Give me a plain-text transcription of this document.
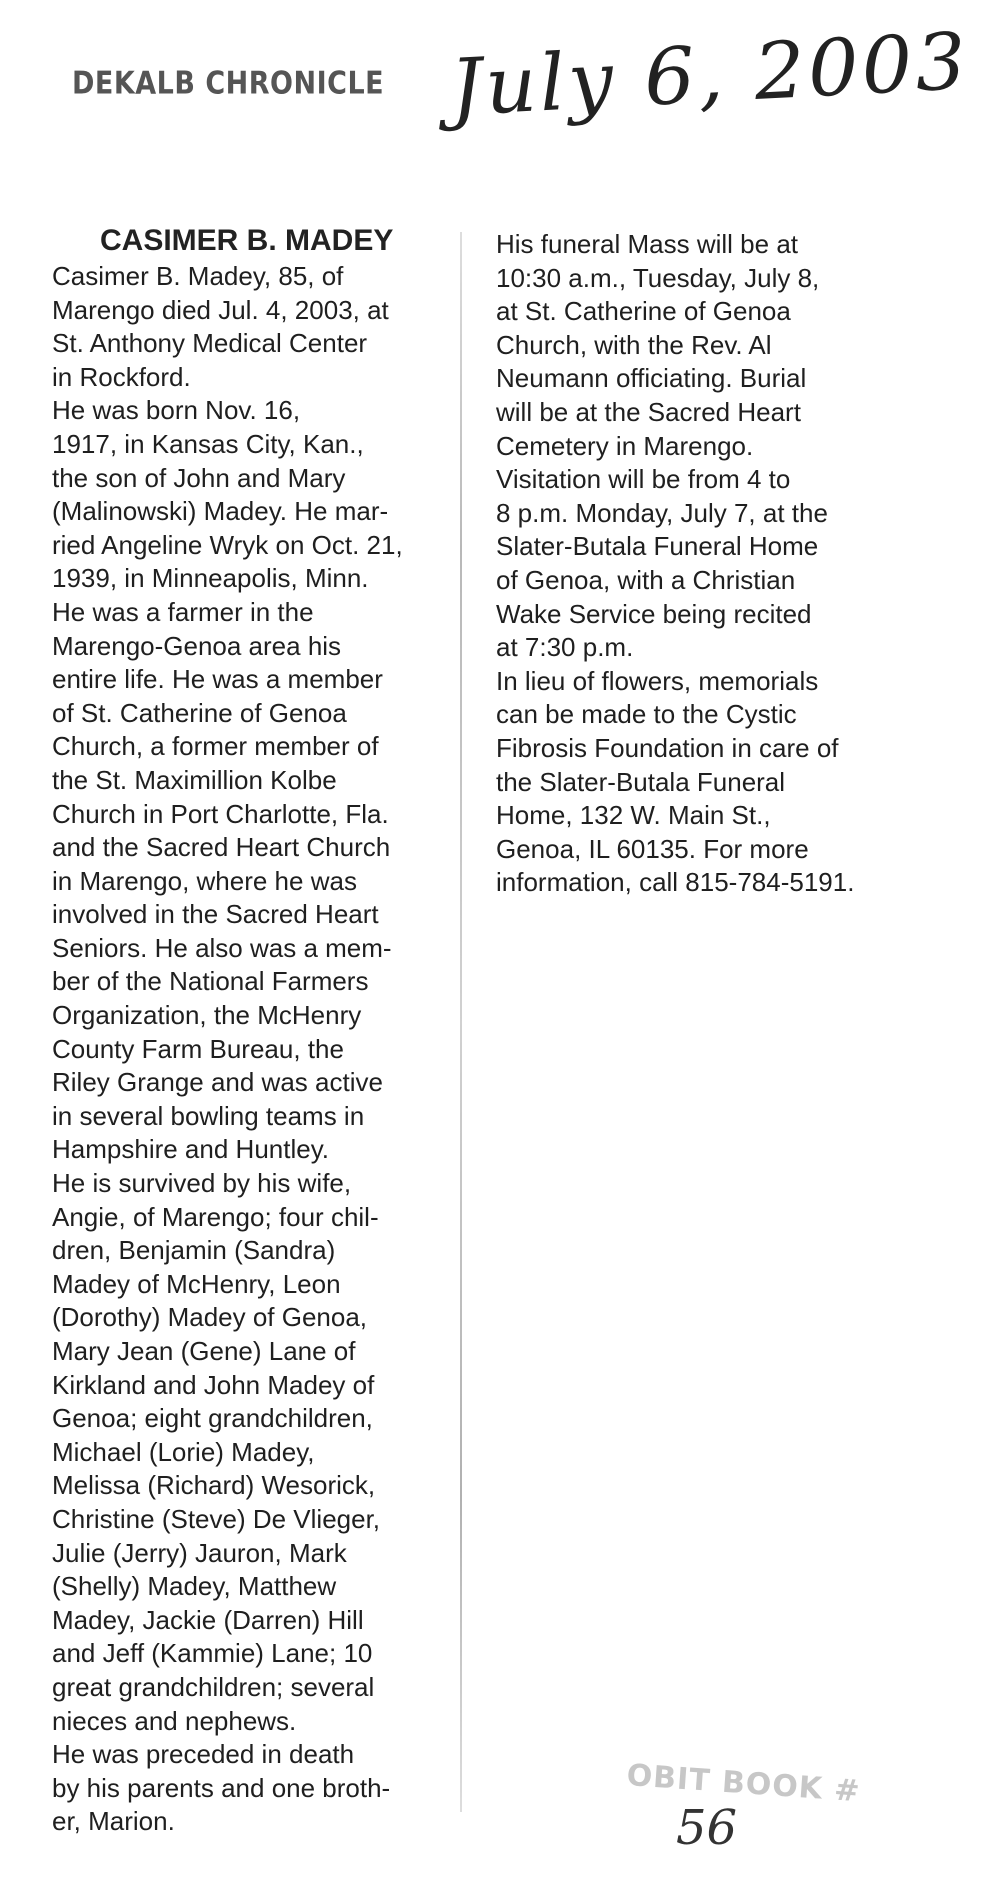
DEKALB CHRONICLE July 6, 2003

CASIMER B. MADEY

Casimer B. Madey, 85, of
Marengo died Jul. 4, 2003, at
St. Anthony Medical Center
in Rockford.

He was born Nov. 16,
1917, in Kansas City, Kan.,
the son of John and Mary
(Malinowski) Madey. He mar-
ried Angeline Wryk on Oct. 21,
1939, in Minneapolis, Minn.

He was a farmer in the
Marengo-Genoa area his
entire life. He was a member
of St. Catherine of Genoa
Church, a former member of
the St. Maximillion Kolbe
Church in Port Charlotte, Fla.
and the Sacred Heart Church
in Marengo, where he was
involved in the Sacred Heart
Seniors. He also was a mem-
ber of the National Farmers
Organization, the McHenry
County Farm Bureau, the
Riley Grange and was active
in several bowling teams in
Hampshire and Huntley.

He is survived by his wife,
Angie, of Marengo; four chil-
dren, Benjamin (Sandra)
Madey of McHenry, Leon
(Dorothy) Madey of Genoa,
Mary Jean (Gene) Lane of
Kirkland and John Madey of
Genoa; eight grandchildren,
Michael (Lorie) Madey,
Melissa (Richard) Wesorick,
Christine (Steve) De Vlieger,
Julie (Jerry) Jauron, Mark
(Shelly) Madey, Matthew
Madey, Jackie (Darren) Hill
and Jeff (Kammie) Lane; 10
great grandchildren; several
nieces and nephews.

He was preceded in death
by his parents and one broth-
er, Marion.

His funeral Mass will be at
10:30 a.m., Tuesday, July 8,
at St. Catherine of Genoa
Church, with the Rev. Al
Neumann officiating. Burial
will be at the Sacred Heart
Cemetery in Marengo.

Visitation will be from 4 to
8 p.m. Monday, July 7, at the
Slater-Butala Funeral Home
of Genoa, with a Christian
Wake Service being recited
at 7:30 p.m.

In lieu of flowers, memorials
can be made to the Cystic
Fibrosis Foundation in care of
the Slater-Butala Funeral
Home, 132 W. Main St.,
Genoa, IL 60135. For more
information, call 815-784-5191.

OBIT BOOK #

56
